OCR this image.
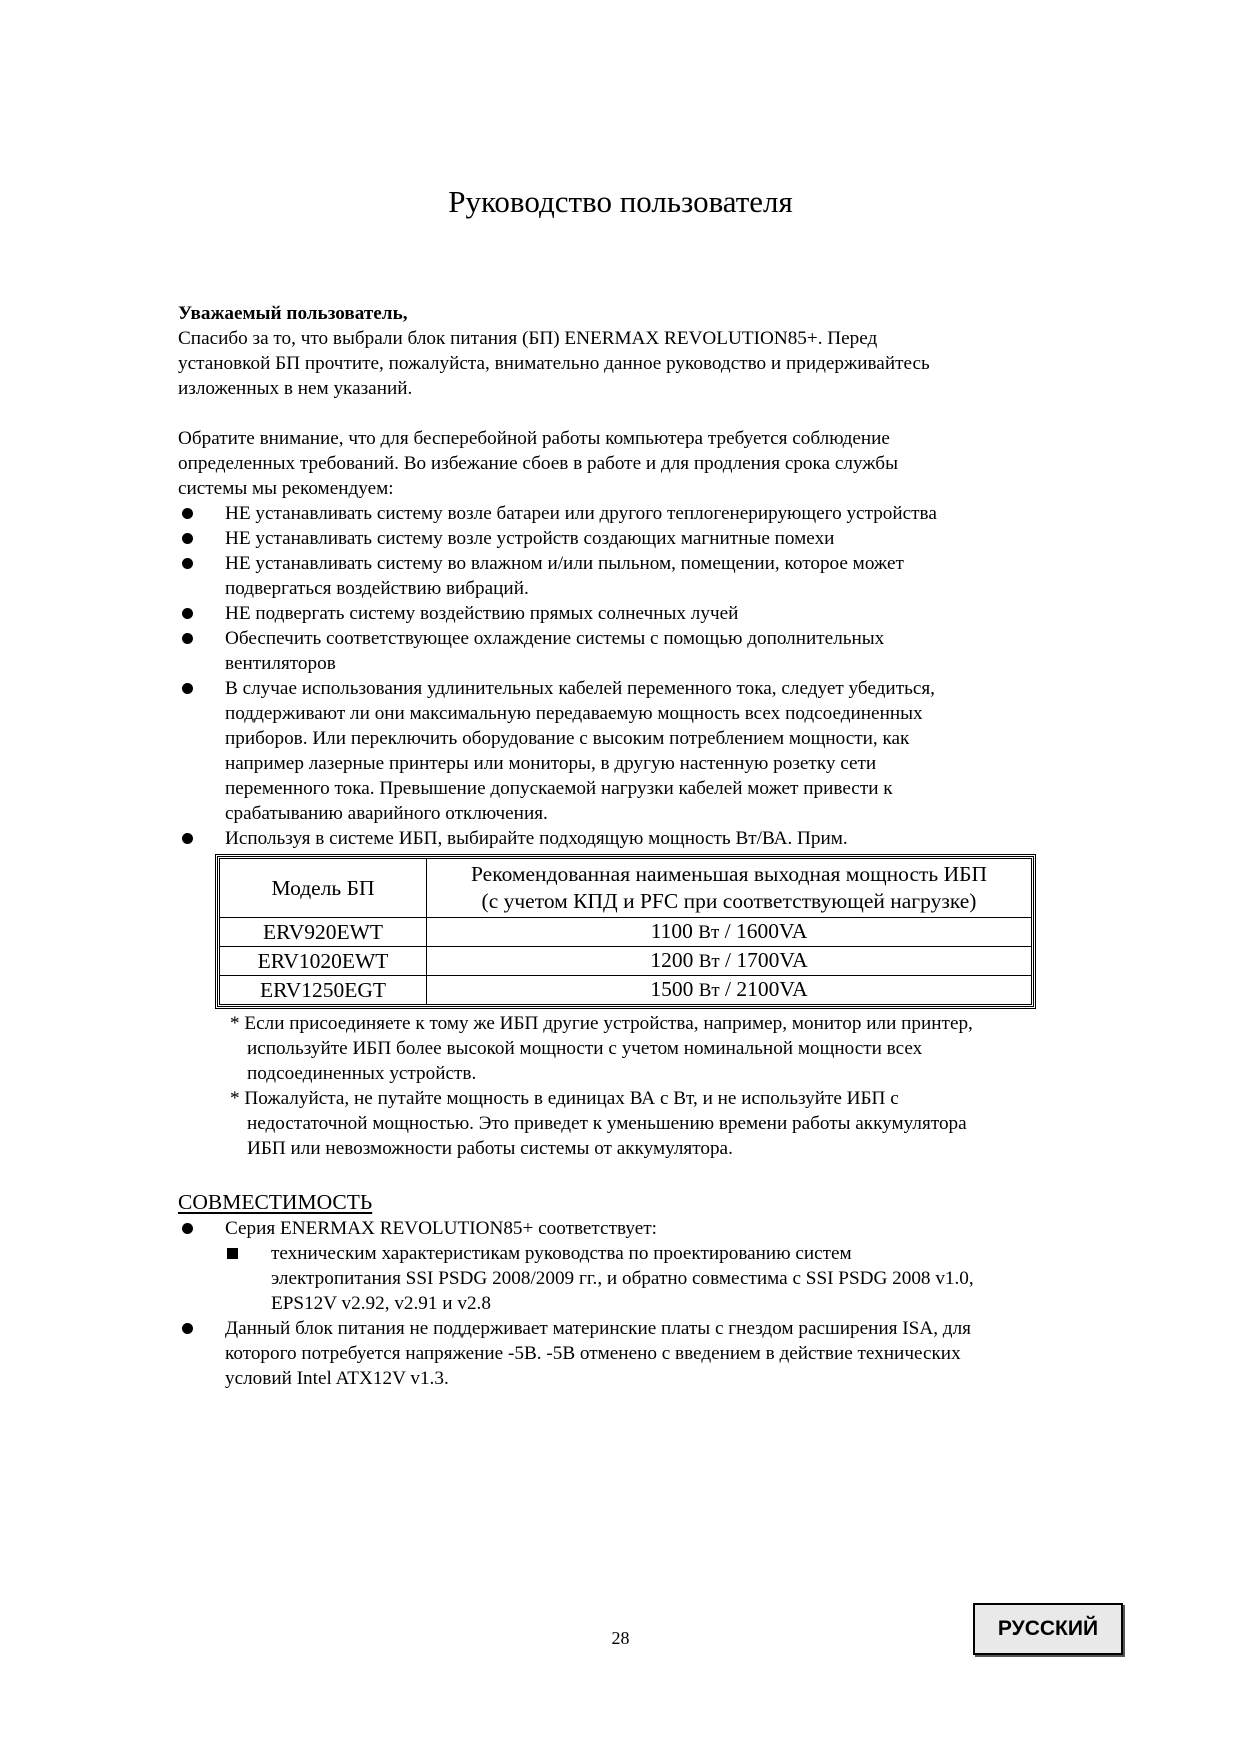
Руководство пользователя

Уважаемый пользователь,

Спасибо за то, что выбрали блок питания (БП) ENERMAX REVOLUTION85+. Перед
установкой БП прочтите, пожалуйста, внимательно данное руководство и придерживайтесь
изложенных в нем указаний.

Обратите внимание, что для бесперебойной работы компьютера требуется соблюдение
определенных требований. Во избежание сбоев в работе и для продления срока службы
системы мы рекомендуем:

НЕ устанавливать систему возле батареи или другого теплогенерирующего устройства
НЕ устанавливать систему возле устройств создающих магнитные помехи
НЕ устанавливать систему во влажном и/или пыльном, помещении, которое может
подвергаться воздействию вибраций.
НЕ подвергать систему воздействию прямых солнечных лучей
Обеспечить соответствующее охлаждение системы с помощью дополнительных
вентиляторов
В случае использования удлинительных кабелей переменного тока, следует убедиться,
поддерживают ли они максимальную передаваемую мощность всех подсоединенных
приборов. Или переключить оборудование с высоким потреблением мощности, как
например лазерные принтеры или мониторы, в другую настенную розетку сети
переменного тока. Превышение допускаемой нагрузки кабелей может привести к
срабатыванию аварийного отключения.
Используя в системе ИБП, выбирайте подходящую мощность Вт/ВА. Прим.
Модель БП	Рекомендованная наименьшая выходная мощность ИБП
(с учетом КПД и PFC при соответствующей нагрузке)
ERV920EWT	1100 Вт / 1600VA
ERV1020EWT	1200 Вт / 1700VA
ERV1250EGT	1500 Вт / 2100VA

* Если присоединяете к тому же ИБП другие устройства, например, монитор или принтер,
используйте ИБП более высокой мощности с учетом номинальной мощности всех
подсоединенных устройств.

* Пожалуйста, не путайте мощность в единицах ВА с Вт, и не используйте ИБП с
недостаточной мощностью. Это приведет к уменьшению времени работы аккумулятора
ИБП или невозможности работы системы от аккумулятора.

СОВМЕСТИМОСТЬ
Серия ENERMAX REVOLUTION85+ соответствует:
техническим характеристикам руководства по проектированию систем
электропитания SSI PSDG 2008/2009 гг., и обратно совместима с SSI PSDG 2008 v1.0,
EPS12V v2.92, v2.91 и v2.8
Данный блок питания не поддерживает материнские платы с гнездом расширения ISA, для
которого потребуется напряжение -5В. -5В отменено с введением в действие технических
условий Intel ATX12V v1.3.
28	РУССКИЙ
